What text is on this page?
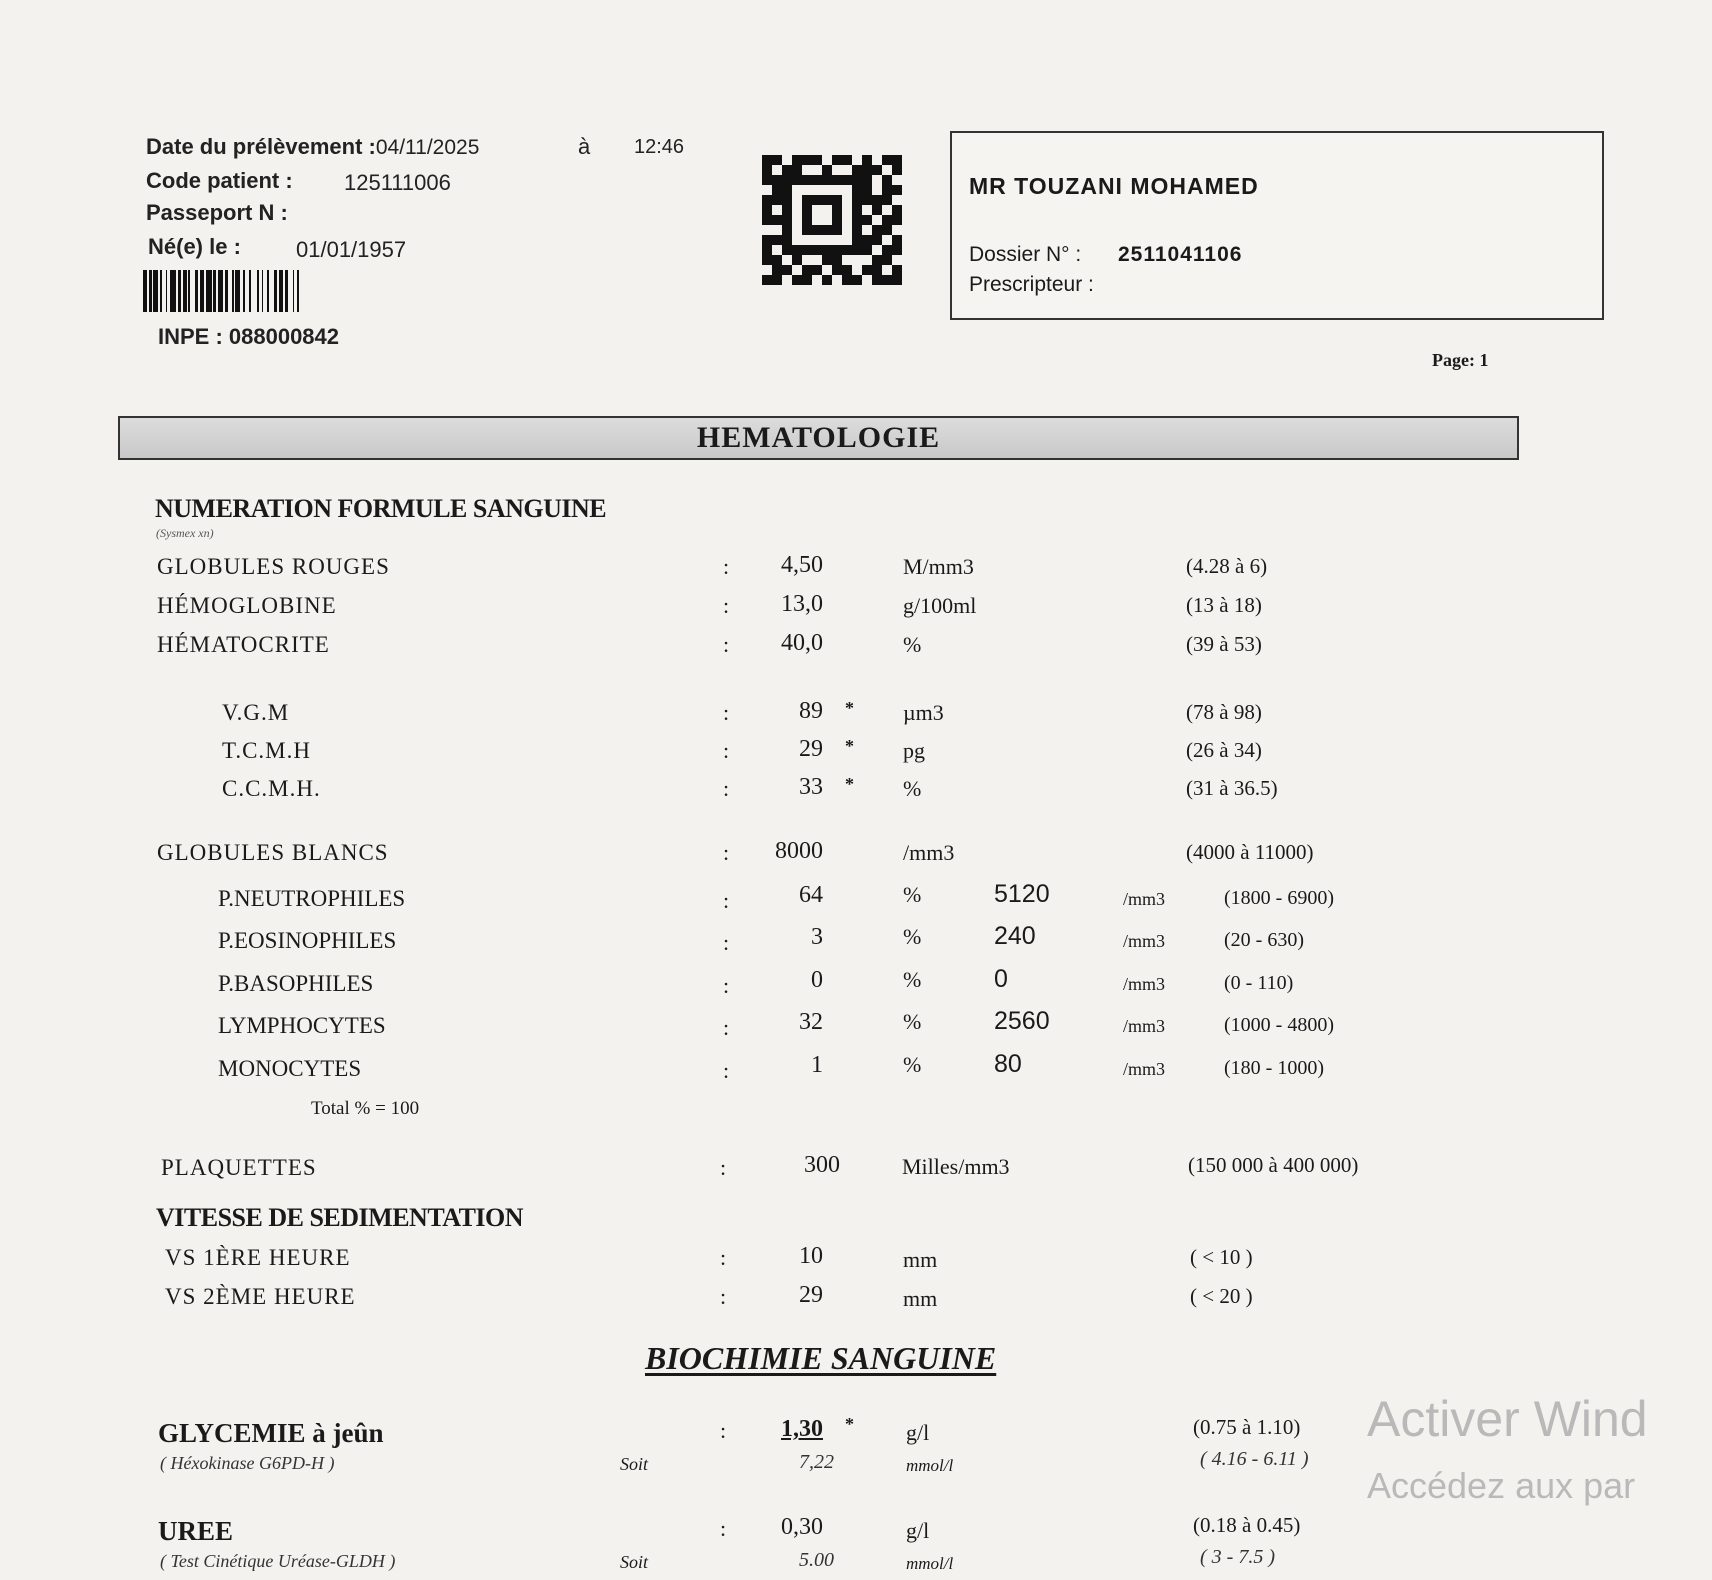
Date du prélèvement :04/11/2025	à 12:46
Code patient : 125111006
Passeport N :
Né(e) le :	01/01/1957
INPE : 088000842
MR TOUZANI MOHAMED
Dossier N° : 2511041106
Prescripteur :
Page: 1
HEMATOLOGIE
NUMERATION FORMULE SANGUINE
(Sysmex xn)
GLOBULES ROUGES	:	4,50	M/mm3	(4.28 à 6)
HÉMOGLOBINE	:	13,0	g/100ml	(13 à 18)
HÉMATOCRITE	:	40,0	%	(39 à 53)
V.G.M	:	89 * µm3	(78 à 98)
T.C.M.H	:	29 * pg	(26 à 34)
C.C.M.H.	:	33 * %	(31 à 36.5)
GLOBULES BLANCS	:	8000	/mm3	(4000 à 11000)
P.NEUTROPHILES	:	64	%	5120	/mm3	(1800 - 6900)
P.EOSINOPHILES	:	3	%	240	/mm3	(20 - 630)
P.BASOPHILES	:	0	%	0	/mm3	(0 - 110)
LYMPHOCYTES	:	32	%	2560	/mm3	(1000 - 4800)
MONOCYTES	:	1	%	80	/mm3	(180 - 1000)
Total % = 100
PLAQUETTES	:	300	Milles/mm3	(150 000 à 400 000)
VITESSE DE SEDIMENTATION
VS 1ÈRE HEURE	:	10	mm	( < 10 )
VS 2ÈME HEURE	:	29	mm	( < 20 )
BIOCHIMIE SANGUINE
GLYCEMIE à jeûn
( Héxokinase G6PD-H )
:	1,30 * g/l	(0.75 à 1.10)
Soit	7,22	mmol/l	( 4.16 - 6.11 )
UREE
( Test Cinétique Uréase-GLDH )
:	0,30	g/l	(0.18 à 0.45)
Soit	5.00	mmol/l	( 3 - 7.5 )
Activer Wind
Accédez aux par
